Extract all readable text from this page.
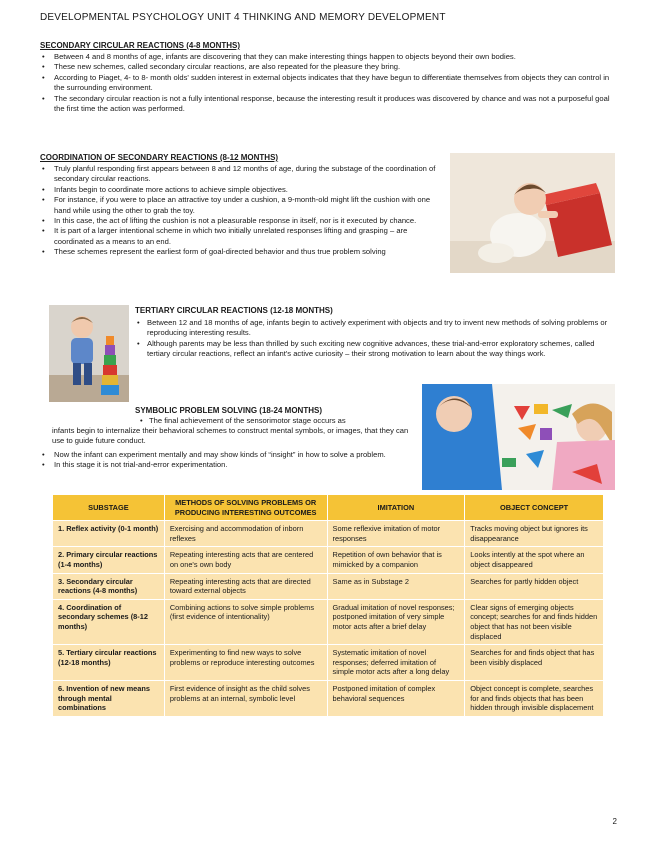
DEVELOPMENTAL PSYCHOLOGY UNIT 4 THINKING AND MEMORY DEVELOPMENT
SECONDARY CIRCULAR REACTIONS (4-8 MONTHS)
• Between 4 and 8 months of age, infants are discovering that they can make interesting things happen to objects beyond their own bodies.
• These new schemes, called secondary circular reactions, are also repeated for the pleasure they bring.
• According to Piaget, 4- to 8- month olds' sudden interest in external objects indicates that they have begun to differentiate themselves from objects they can control in the surrounding environment.
• The secondary circular reaction is not a fully intentional response, because the interesting result it produces was discovered by chance and was not a purposeful goal the first time the action was performed.
COORDINATION OF SECONDARY REACTIONS (8-12 MONTHS)
• Truly planful responding first appears between 8 and 12 months of age, during the substage of the coordination of secondary circular reactions.
• Infants begin to coordinate more actions to achieve simple objectives.
• For instance, if you were to place an attractive toy under a cushion, a 9-month-old might lift the cushion with one hand while using the other to grab the toy.
• In this case, the act of lifting the cushion is not a pleasurable response in itself, nor is it executed by chance.
• It is part of a larger intentional scheme in which two initially unrelated responses lifting and grasping – are coordinated as a means to an end.
• These schemes represent the earliest form of goal-directed behavior and thus true problem solving
TERTIARY CIRCULAR REACTIONS (12-18 MONTHS)
• Between 12 and 18 months of age, infants begin to actively experiment with objects and try to invent new methods of solving problems or reproducing interesting results.
• Although parents may be less than thrilled by such exciting new cognitive advances, these trial-and-error exploratory schemes, called tertiary circular reactions, reflect an infant's active curiosity – their strong motivation to learn about the way things work.
SYMBOLIC PROBLEM SOLVING (18-24 MONTHS)
•   The final achievement of the sensorimotor stage occurs as
infants begin to internalize their behavioral schemes to construct mental symbols, or images, that they can use to guide future conduct.
• Now the infant can experiment mentally and may show kinds of “insight” in how to solve a problem.
• In this stage it is not trial-and-error experimentation.
SUBSTAGE	METHODS OF SOLVING PROBLEMS OR PRODUCING INTERESTING OUTCOMES	IMITATION	OBJECT CONCEPT
1. Reflex activity (0-1 month)	Exercising and accommodation of inborn reflexes	Some reflexive imitation of motor responses	Tracks moving object but ignores its disappearance
2. Primary circular reactions (1-4 months)	Repeating interesting acts that are centered on one's own body	Repetition of own behavior that is mimicked by a companion	Looks intently at the spot where an object disappeared
3. Secondary circular reactions (4-8 months)	Repeating interesting acts that are directed toward external objects	Same as in Substage 2	Searches for partly hidden object
4. Coordination of secondary schemes (8-12 months)	Combining actions to solve simple problems (first evidence of intentionality)	Gradual imitation of novel responses; postponed imitation of very simple motor acts after a brief delay	Clear signs of emerging objects concept; searches for and finds hidden object that has not been visible displaced
5. Tertiary circular reactions (12-18 months)	Experimenting to find new ways to solve problems or reproduce interesting outcomes	Systematic imitation of novel responses; deferred imitation of simple motor acts after a long delay	Searches for and finds object that has been visibly displaced
6. Invention of new means through mental combinations	First evidence of insight as the child solves problems at an internal, symbolic level	Postponed imitation of complex behavioral sequences	Object concept is complete, searches for and finds objects that has been hidden through invisible displacement
2
